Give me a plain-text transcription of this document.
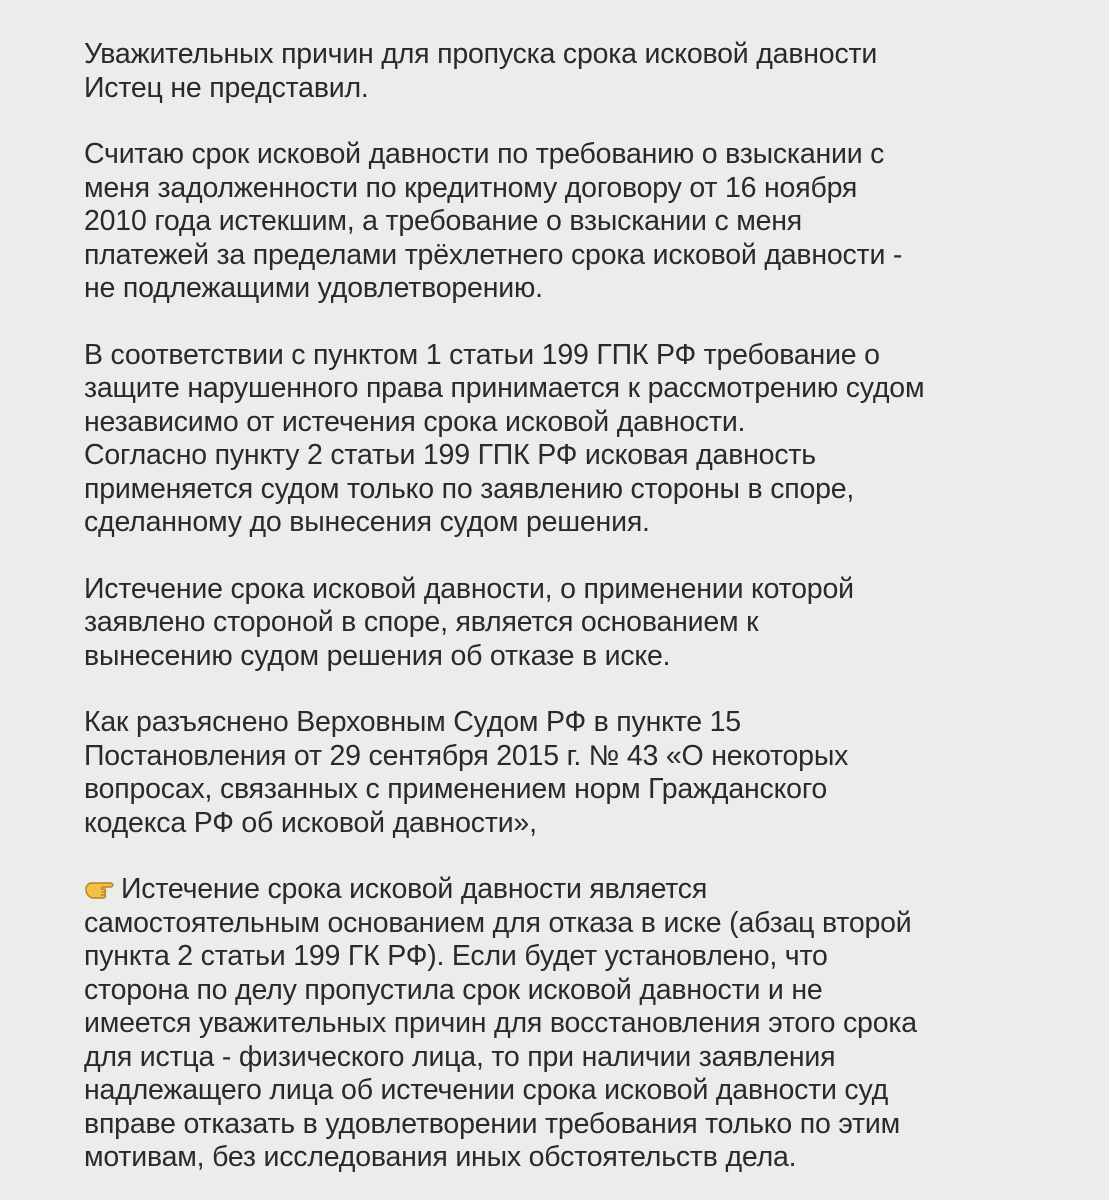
Уважительных причин для пропуска срока исковой давности
Истец не представил.

Считаю срок исковой давности по требованию о взыскании с
меня задолженности по кредитному договору от 16 ноября
2010 года истекшим, а требование о взыскании с меня
платежей за пределами трёхлетнего срока исковой давности -
не подлежащими удовлетворению.

В соответствии с пунктом 1 статьи 199 ГПК РФ требование о
защите нарушенного права принимается к рассмотрению судом
независимо от истечения срока исковой давности.
Согласно пункту 2 статьи 199 ГПК РФ исковая давность
применяется судом только по заявлению стороны в споре,
сделанному до вынесения судом решения.

Истечение срока исковой давности, о применении которой
заявлено стороной в споре, является основанием к
вынесению судом решения об отказе в иске.

Как разъяснено Верховным Судом РФ в пункте 15
Постановления от 29 сентября 2015 г. № 43 «О некоторых
вопросах, связанных с применением норм Гражданского
кодекса РФ об исковой давности»,

Истечение срока исковой давности является
самостоятельным основанием для отказа в иске (абзац второй
пункта 2 статьи 199 ГК РФ). Если будет установлено, что
сторона по делу пропустила срок исковой давности и не
имеется уважительных причин для восстановления этого срока
для истца - физического лица, то при наличии заявления
надлежащего лица об истечении срока исковой давности суд
вправе отказать в удовлетворении требования только по этим
мотивам, без исследования иных обстоятельств дела.
